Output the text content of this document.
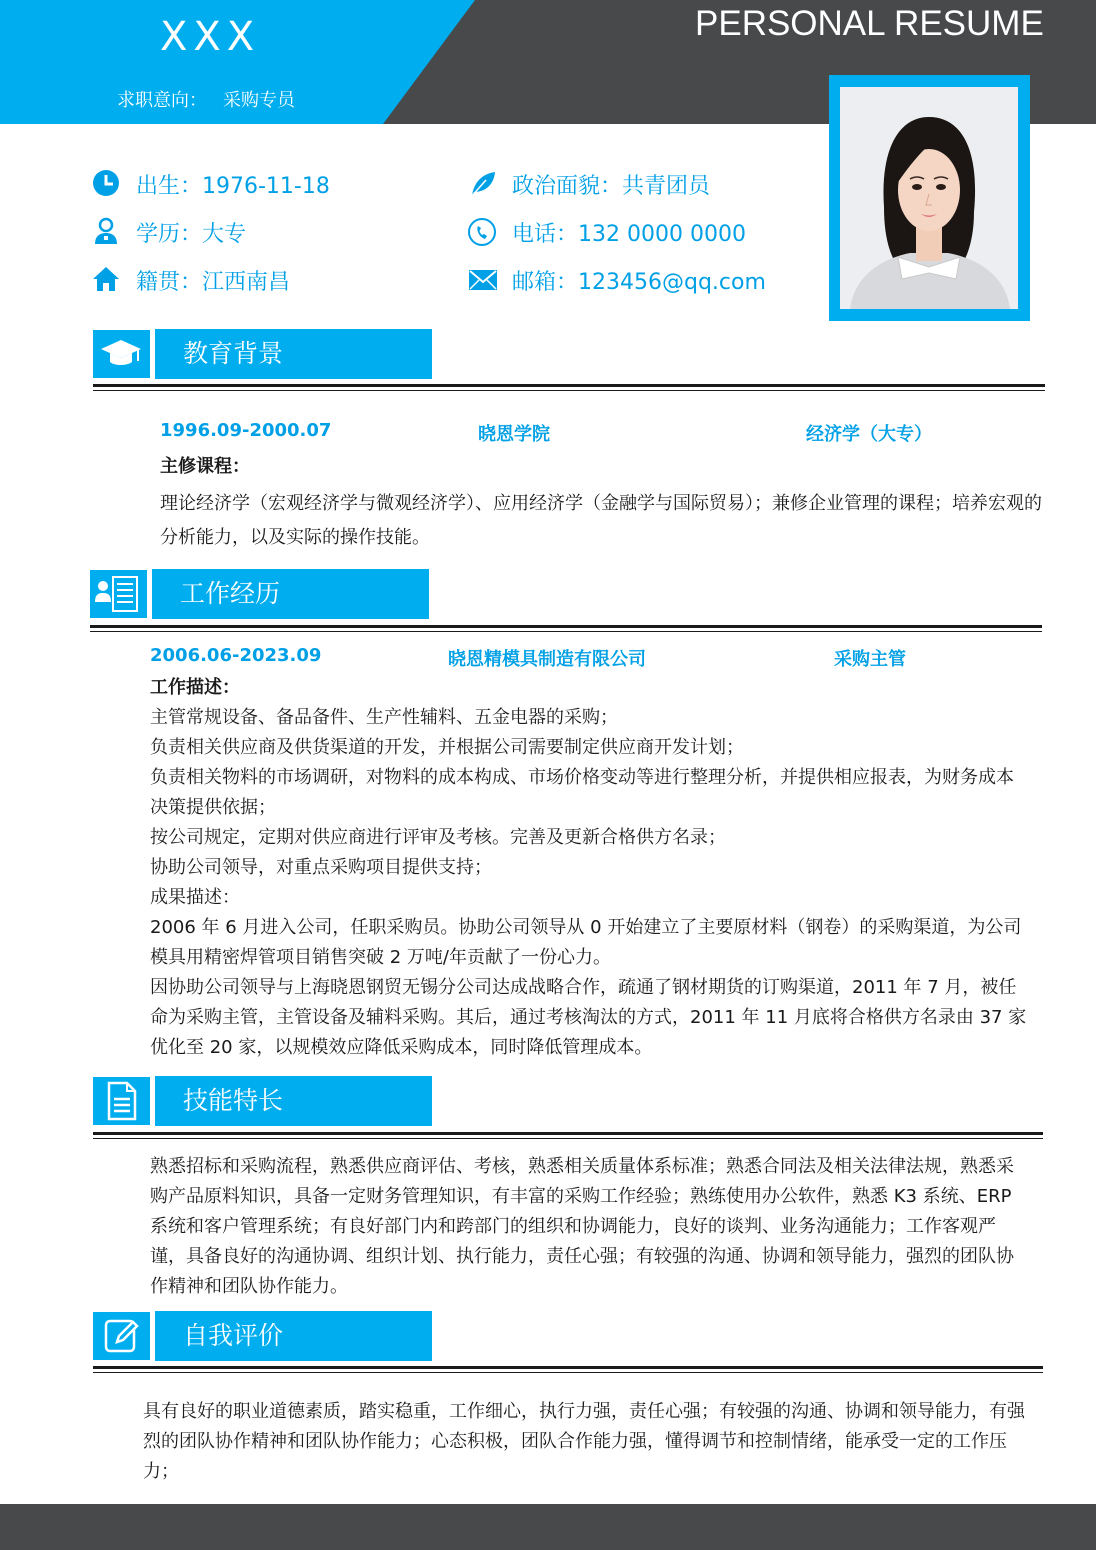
XXX
求职意向： 采购专员
PERSONAL RESUME
出生：1976-11-18
学历：大专
籍贯：江西南昌
政治面貌：共青团员
电话：132 0000 0000
邮箱：123456@qq.com
教育背景
1996.09-2000.07	晓恩学院	经济学（大专）
主修课程：
理论经济学（宏观经济学与微观经济学）、应用经济学（金融学与国际贸易）；兼修企业管理的课程；培养宏观的分析能力，以及实际的操作技能。
工作经历
2006.06-2023.09	晓恩精模具制造有限公司	采购主管
工作描述：
主管常规设备、备品备件、生产性辅料、五金电器的采购；
负责相关供应商及供货渠道的开发，并根据公司需要制定供应商开发计划；
负责相关物料的市场调研，对物料的成本构成、市场价格变动等进行整理分析，并提供相应报表，为财务成本决策提供依据；
按公司规定，定期对供应商进行评审及考核。完善及更新合格供方名录；
协助公司领导，对重点采购项目提供支持；
成果描述：
2006 年 6 月进入公司，任职采购员。协助公司领导从 0 开始建立了主要原材料（钢卷）的采购渠道，为公司模具用精密焊管项目销售突破 2 万吨/年贡献了一份心力。
因协助公司领导与上海晓恩钢贸无锡分公司达成战略合作，疏通了钢材期货的订购渠道，2011 年 7 月，被任命为采购主管，主管设备及辅料采购。其后，通过考核淘汰的方式，2011 年 11 月底将合格供方名录由 37 家优化至 20 家，以规模效应降低采购成本，同时降低管理成本。
技能特长
熟悉招标和采购流程，熟悉供应商评估、考核，熟悉相关质量体系标准；熟悉合同法及相关法律法规，熟悉采购产品原料知识，具备一定财务管理知识，有丰富的采购工作经验；熟练使用办公软件，熟悉 K3 系统、ERP 系统和客户管理系统；有良好部门内和跨部门的组织和协调能力，良好的谈判、业务沟通能力；工作客观严谨，具备良好的沟通协调、组织计划、执行能力，责任心强；有较强的沟通、协调和领导能力，强烈的团队协作精神和团队协作能力。
自我评价
具有良好的职业道德素质，踏实稳重，工作细心，执行力强，责任心强；有较强的沟通、协调和领导能力，有强烈的团队协作精神和团队协作能力；心态积极，团队合作能力强，懂得调节和控制情绪，能承受一定的工作压力；
